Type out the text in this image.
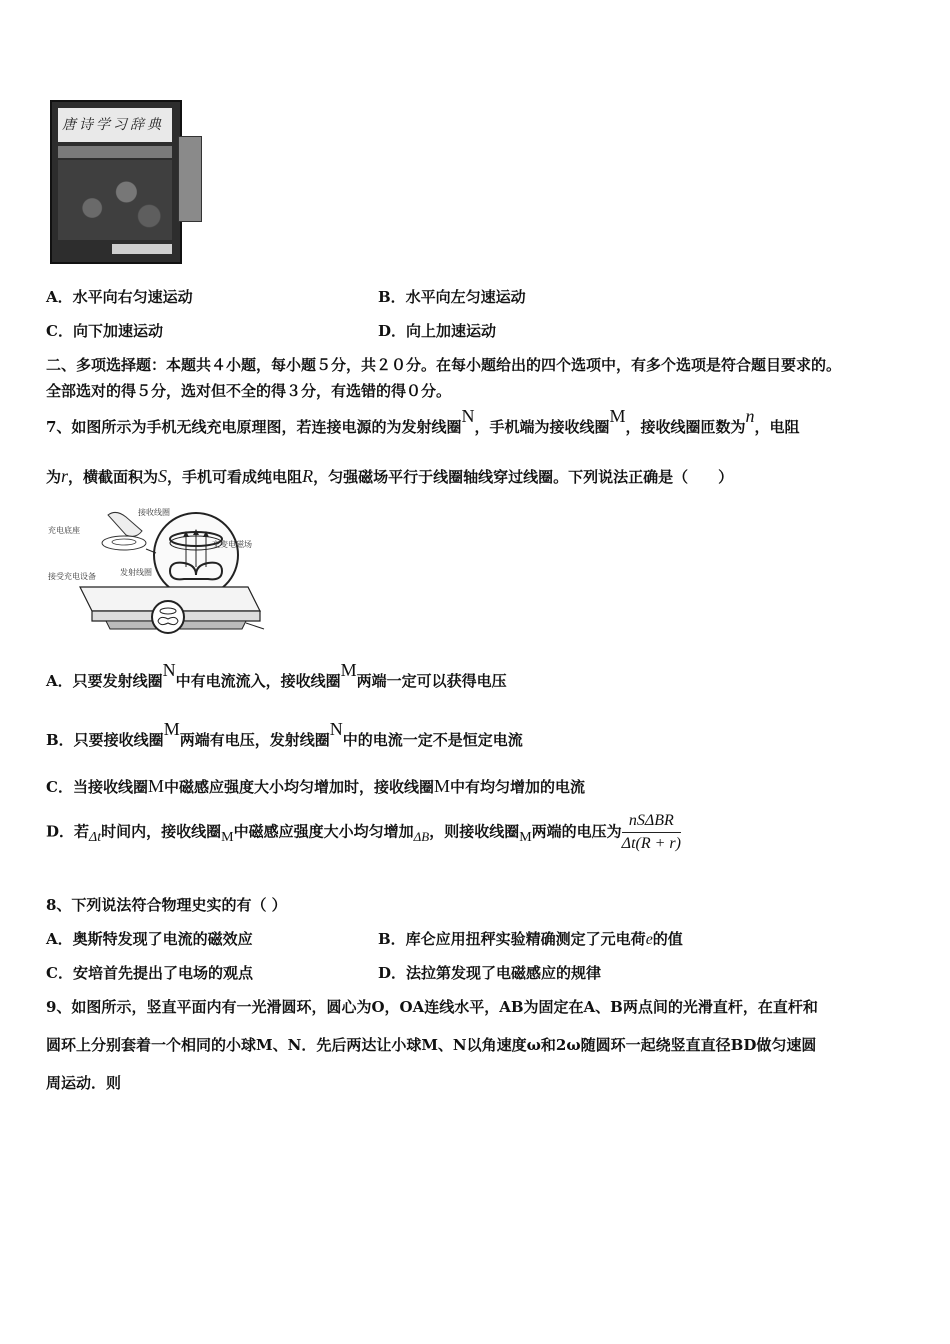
唐诗学习辞典
A．水平向右匀速运动	B．水平向左匀速运动
C．向下加速运动	D．向上加速运动
二、多项选择题：本题共４小题，每小题５分，共２０分。在每小题给出的四个选项中，有多个选项是符合题目要求的。
全部选对的得５分，选对但不全的得３分，有选错的得０分。
7、如图所示为手机无线充电原理图，若连接电源的为发射线圈N，手机端为接收线圈M，接收线圈匝数为n，电阻
为r，横截面积为S，手机可看成纯电阻R，匀强磁场平行于线圈轴线穿过线圈。下列说法正确是（　　）
充电底座
接收线圈
交变电磁场
发射线圈
接受充电设备
A．只要发射线圈N中有电流流入，接收线圈M两端一定可以获得电压
B．只要接收线圈M两端有电压，发射线圈N中的电流一定不是恒定电流
C．当接收线圈M中磁感应强度大小均匀增加时，接收线圈M中有均匀增加的电流
D．若Δt时间内，接收线圈M中磁感应强度大小均匀增加ΔB，则接收线圈M两端的电压为 $\frac{\text{nSΔBR}}{\Delta t(R + r)}$
8、下列说法符合物理史实的有（ ）
A．奥斯特发现了电流的磁效应	B．库仑应用扭秤实验精确测定了元电荷e的值
C．安培首先提出了电场的观点	D．法拉第发现了电磁感应的规律
9、如图所示，竖直平面内有一光滑圆环，圆心为O，OA连线水平，AB为固定在A、B两点间的光滑直杆，在直杆和
圆环上分别套着一个相同的小球M、N．先后两达让小球M、N以角速度ω和2ω随圆环一起绕竖直直径BD做匀速圆
周运动．则
